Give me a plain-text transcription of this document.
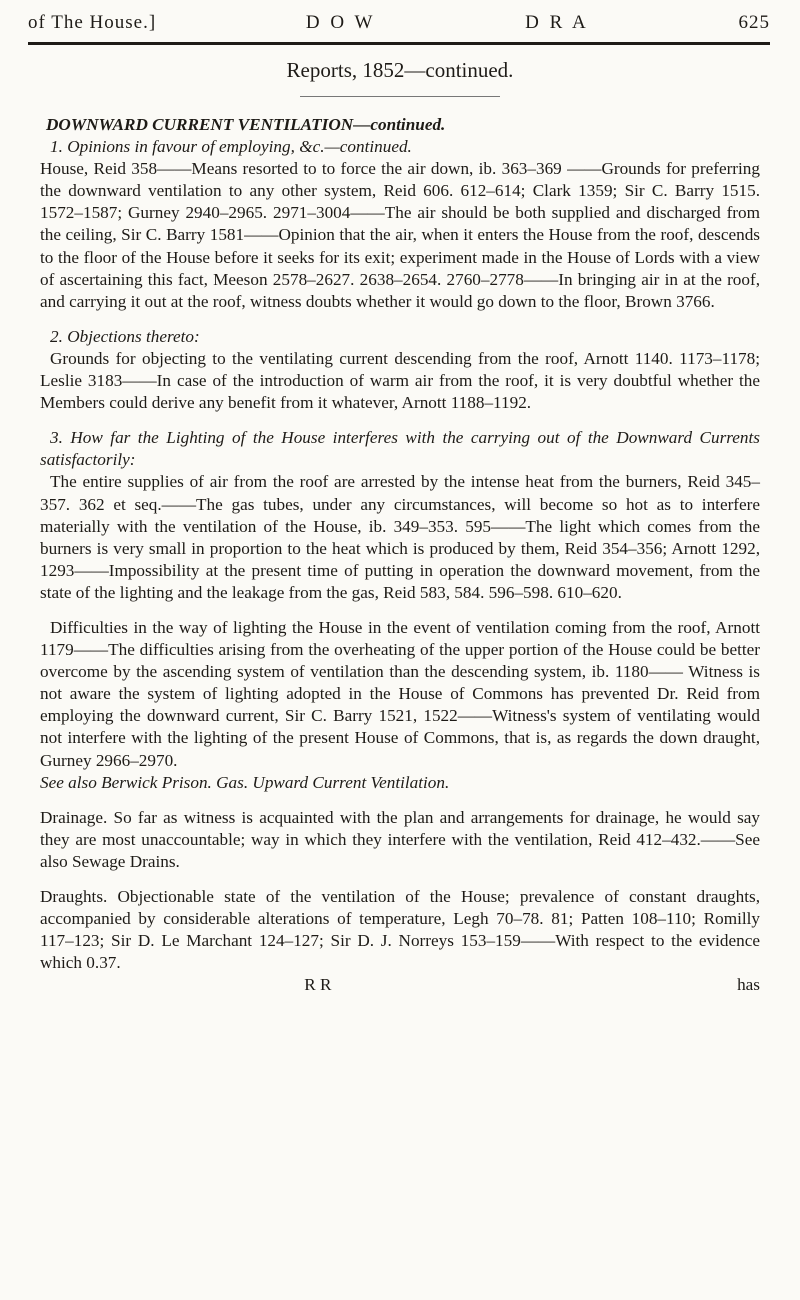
of The House.]	D O W	D R A	625
Reports, 1852—continued.

DOWNWARD CURRENT VENTILATION—continued.

1. Opinions in favour of employing, &c.—continued.

House, Reid 358——Means resorted to to force the air down, ib. 363–369 ——Grounds for preferring the downward ventilation to any other system, Reid 606. 612–614; Clark 1359; Sir C. Barry 1515. 1572–1587; Gurney 2940–2965. 2971–3004——The air should be both supplied and discharged from the ceiling, Sir C. Barry 1581——Opinion that the air, when it enters the House from the roof, descends to the floor of the House before it seeks for its exit; experiment made in the House of Lords with a view of ascertaining this fact, Meeson 2578–2627. 2638–2654. 2760–2778——In bringing air in at the roof, and carrying it out at the roof, witness doubts whether it would go down to the floor, Brown 3766.

2. Objections thereto:

Grounds for objecting to the ventilating current descending from the roof, Arnott 1140. 1173–1178; Leslie 3183——In case of the introduction of warm air from the roof, it is very doubtful whether the Members could derive any benefit from it whatever, Arnott 1188–1192.

3. How far the Lighting of the House interferes with the carrying out of the Downward Currents satisfactorily:

The entire supplies of air from the roof are arrested by the intense heat from the burners, Reid 345–357. 362 et seq.——The gas tubes, under any circumstances, will become so hot as to interfere materially with the ventilation of the House, ib. 349–353. 595——The light which comes from the burners is very small in proportion to the heat which is produced by them, Reid 354–356; Arnott 1292, 1293——Impossibility at the present time of putting in operation the downward movement, from the state of the lighting and the leakage from the gas, Reid 583, 584. 596–598. 610–620.

Difficulties in the way of lighting the House in the event of ventilation coming from the roof, Arnott 1179——The difficulties arising from the overheating of the upper portion of the House could be better overcome by the ascending system of ventilation than the descending system, ib. 1180—— Witness is not aware the system of lighting adopted in the House of Commons has prevented Dr. Reid from employing the downward current, Sir C. Barry 1521, 1522——Witness's system of ventilating would not interfere with the lighting of the present House of Commons, that is, as regards the down draught, Gurney 2966–2970.

See also Berwick Prison. Gas. Upward Current Ventilation.

Drainage. So far as witness is acquainted with the plan and arrangements for drainage, he would say they are most unaccountable; way in which they interfere with the ventilation, Reid 412–432.——See also Sewage Drains.

Draughts. Objectionable state of the ventilation of the House; prevalence of constant draughts, accompanied by considerable alterations of temperature, Legh 70–78. 81; Patten 108–110; Romilly 117–123; Sir D. Le Marchant 124–127; Sir D. J. Norreys 153–159——With respect to the evidence which 0.37.

R R	has
